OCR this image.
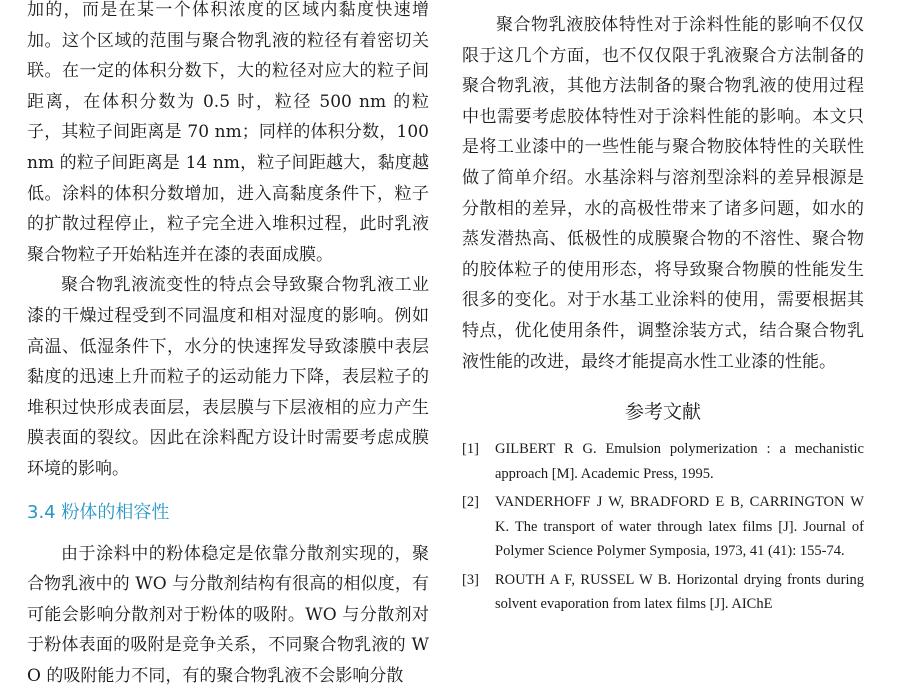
加的，而是在某一个体积浓度的区域内黏度快速增加。这个区域的范围与聚合物乳液的粒径有着密切关联。在一定的体积分数下，大的粒径对应大的粒子间距离，在体积分数为 0.5 时，粒径 500 nm 的粒子，其粒子间距离是 70 nm；同样的体积分数，100 nm 的粒子间距离是 14 nm，粒子间距越大，黏度越低。涂料的体积分数增加，进入高黏度条件下，粒子的扩散过程停止，粒子完全进入堆积过程，此时乳液聚合物粒子开始粘连并在漆的表面成膜。

聚合物乳液流变性的特点会导致聚合物乳液工业漆的干燥过程受到不同温度和相对湿度的影响。例如高温、低湿条件下，水分的快速挥发导致漆膜中表层黏度的迅速上升而粒子的运动能力下降，表层粒子的堆积过快形成表面层，表层膜与下层液相的应力产生膜表面的裂纹。因此在涂料配方设计时需要考虑成膜环境的影响。

3.4 粉体的相容性

由于涂料中的粉体稳定是依靠分散剂实现的，聚合物乳液中的 WO 与分散剂结构有很高的相似度，有可能会影响分散剂对于粉体的吸附。WO 与分散剂对于粉体表面的吸附是竞争关系，不同聚合物乳液的 WO 的吸附能力不同，有的聚合物乳液不会影响分散

聚合物乳液胶体特性对于涂料性能的影响不仅仅限于这几个方面，也不仅仅限于乳液聚合方法制备的聚合物乳液，其他方法制备的聚合物乳液的使用过程中也需要考虑胶体特性对于涂料性能的影响。本文只是将工业漆中的一些性能与聚合物胶体特性的关联性做了简单介绍。水基涂料与溶剂型涂料的差异根源是分散相的差异，水的高极性带来了诸多问题，如水的蒸发潜热高、低极性的成膜聚合物的不溶性、聚合物的胶体粒子的使用形态，将导致聚合物膜的性能发生很多的变化。对于水基工业涂料的使用，需要根据其特点，优化使用条件，调整涂装方式，结合聚合物乳液性能的改进，最终才能提高水性工业漆的性能。

参考文献
[1] GILBERT R G. Emulsion polymerization : a mechanistic approach [M]. Academic Press, 1995.
[2] VANDERHOFF J W, BRADFORD E B, CARRINGTON W K. The transport of water through latex films [J]. Journal of Polymer Science Polymer Symposia, 1973, 41 (41): 155-74.
[3] ROUTH A F, RUSSEL W B. Horizontal drying fronts during solvent evaporation from latex films [J]. AIChE
